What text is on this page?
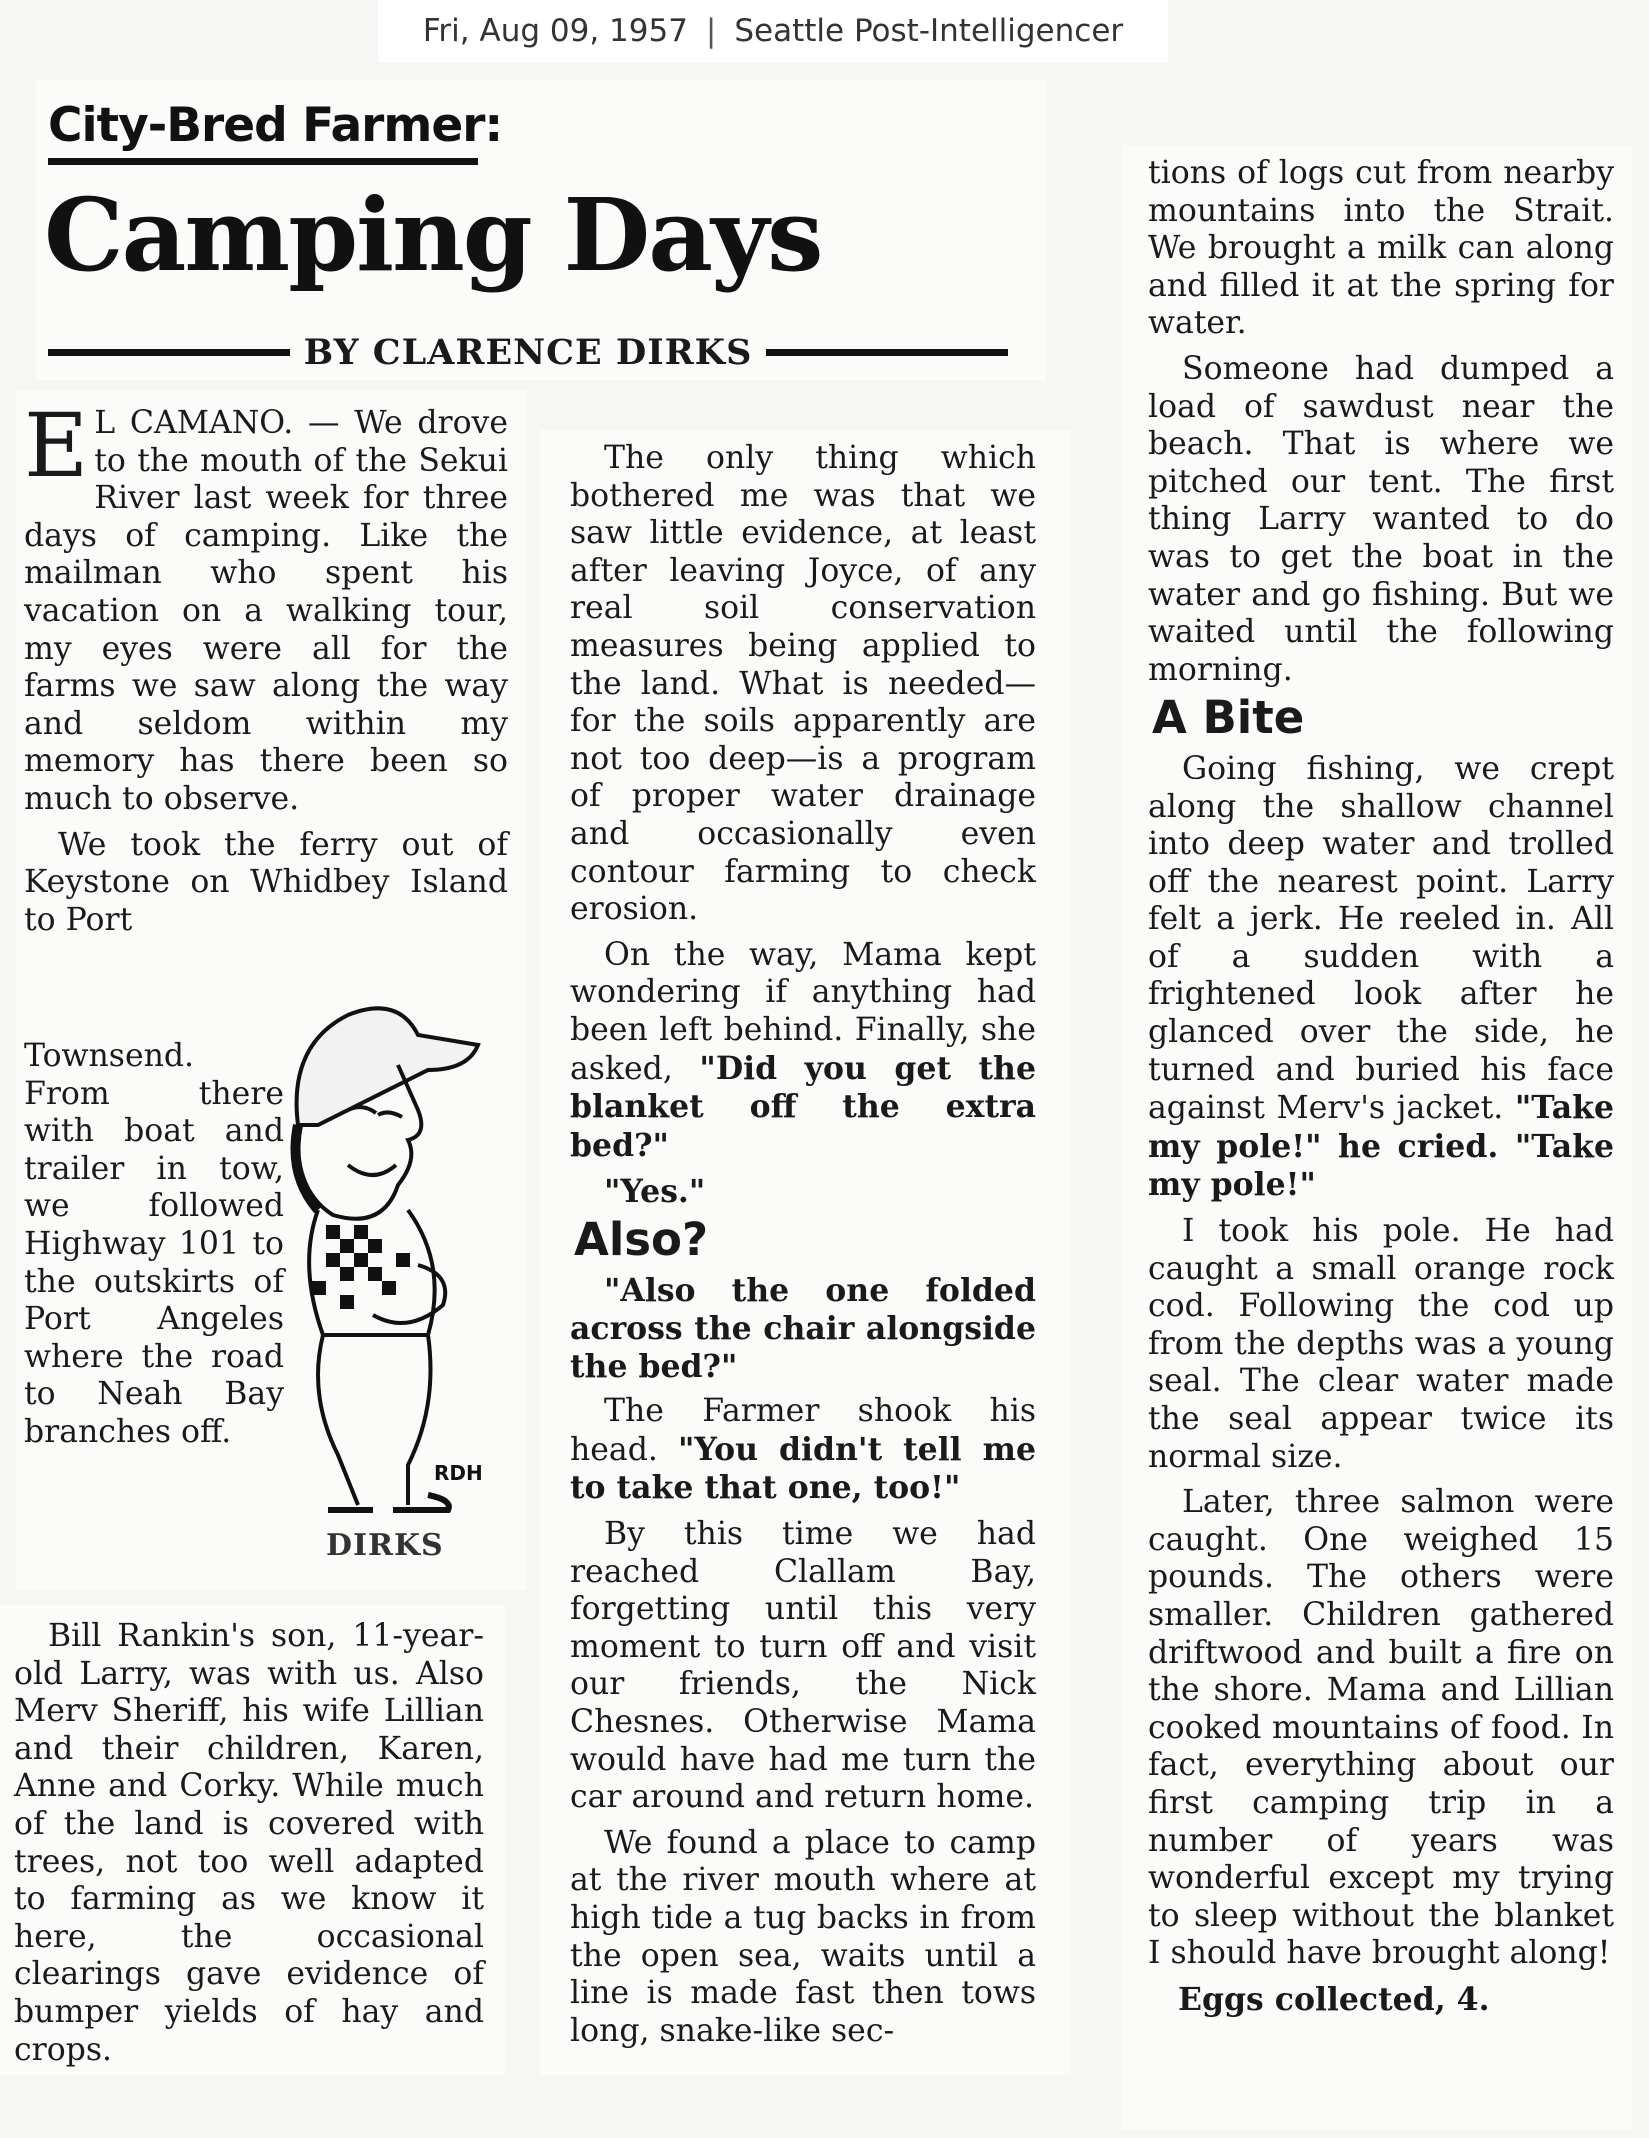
Fri, Aug 09, 1957 | Seattle Post-Intelligencer
City-Bred Farmer:
Camping Days
BY CLARENCE DIRKS

E L CAMANO. — We drove to the mouth of the Sekui River last week for three days of camping. Like the mailman who spent his vacation on a walking tour, my eyes were all for the farms we saw along the way and seldom within my memory has there been so much to observe.

We took the ferry out of Keystone on Whidbey Island to Port

Townsend. From there with boat and trailer in tow, we followed Highway 101 to the outskirts of Port Angeles where the road to Neah Bay branches off.
RDH
DIRKS

Bill Rankin's son, 11-year-old Larry, was with us. Also Merv Sheriff, his wife Lillian and their children, Karen, Anne and Corky. While much of the land is covered with trees, not too well adapted to farming as we know it here, the occasional clearings gave evidence of bumper yields of hay and crops.

The only thing which bothered me was that we saw little evidence, at least after leaving Joyce, of any real soil conservation measures being applied to the land. What is needed—for the soils apparently are not too deep—is a program of proper water drainage and occasionally even contour farming to check erosion.

On the way, Mama kept wondering if anything had been left behind. Finally, she asked, "Did you get the blanket off the extra bed?"

"Yes."

Also?

"Also the one folded across the chair alongside the bed?"

The Farmer shook his head. "You didn't tell me to take that one, too!"

By this time we had reached Clallam Bay, forgetting until this very moment to turn off and visit our friends, the Nick Chesnes. Otherwise Mama would have had me turn the car around and return home.

We found a place to camp at the river mouth where at high tide a tug backs in from the open sea, waits until a line is made fast then tows long, snake-like sec-

tions of logs cut from nearby mountains into the Strait. We brought a milk can along and filled it at the spring for water.

Someone had dumped a load of sawdust near the beach. That is where we pitched our tent. The first thing Larry wanted to do was to get the boat in the water and go fishing. But we waited until the following morning.

A Bite

Going fishing, we crept along the shallow channel into deep water and trolled off the nearest point. Larry felt a jerk. He reeled in. All of a sudden with a frightened look after he glanced over the side, he turned and buried his face against Merv's jacket. "Take my pole!" he cried. "Take my pole!"

I took his pole. He had caught a small orange rock cod. Following the cod up from the depths was a young seal. The clear water made the seal appear twice its normal size.

Later, three salmon were caught. One weighed 15 pounds. The others were smaller. Children gathered driftwood and built a fire on the shore. Mama and Lillian cooked mountains of food. In fact, everything about our first camping trip in a number of years was wonderful except my trying to sleep without the blanket I should have brought along!

Eggs collected, 4.
